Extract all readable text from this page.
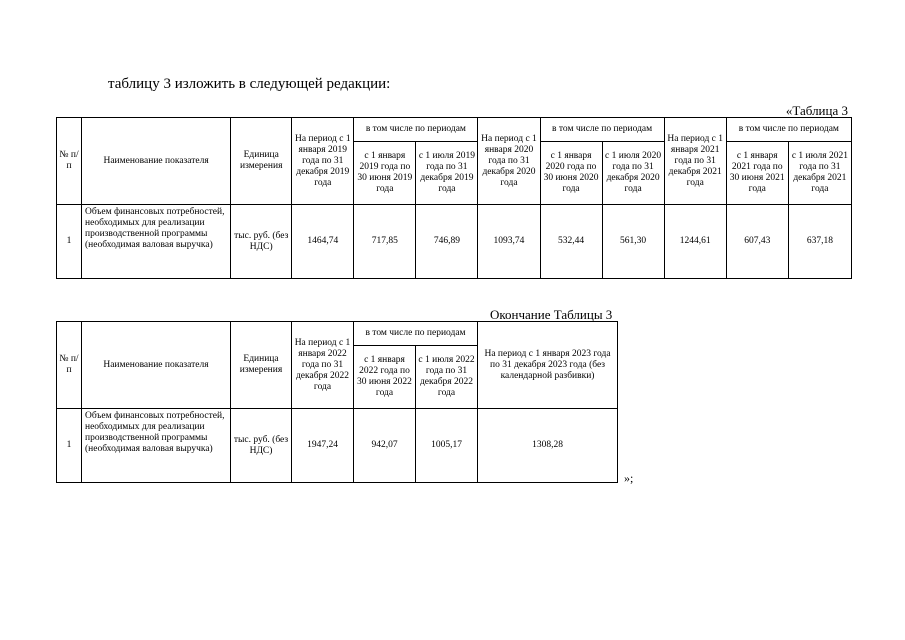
таблицу 3 изложить в следующей редакции:
«Таблица 3
№ п/п	Наименование показателя	Единица измерения	На период с 1 января 2019 года по 31 декабря 2019 года	в том числе по периодам		На период с 1 января 2020 года по 31 декабря 2020 года	в том числе по периодам		На период с 1 января 2021 года по 31 декабря 2021 года	в том числе по периодам	
				с 1 января 2019 года по 30 июня 2019 года	с 1 июля 2019 года по 31 декабря 2019 года		с 1 января 2020 года по 30 июня 2020 года	с 1 июля 2020 года по 31 декабря 2020 года		с 1 января 2021 года по 30 июня 2021 года	с 1 июля 2021 года по 31 декабря 2021 года
1	Объем финансовых потребностей, необходимых для реализации производственной программы (необходимая валовая выручка)	тыс. руб. (без НДС)	1464,74	717,85	746,89	1093,74	532,44	561,30	1244,61	607,43	637,18
Окончание Таблицы 3
№ п/п	Наименование показателя	Единица измерения	На период с 1 января 2022 года по 31 декабря 2022 года	в том числе по периодам		На период с 1 января 2023 года по 31 декабря 2023 года (без календарной разбивки)
				с 1 января 2022 года по 30 июня 2022 года	с 1 июля 2022 года по 31 декабря 2022 года	
1	Объем финансовых потребностей, необходимых для реализации производственной программы (необходимая валовая выручка)	тыс. руб. (без НДС)	1947,24	942,07	1005,17	1308,28
»;
